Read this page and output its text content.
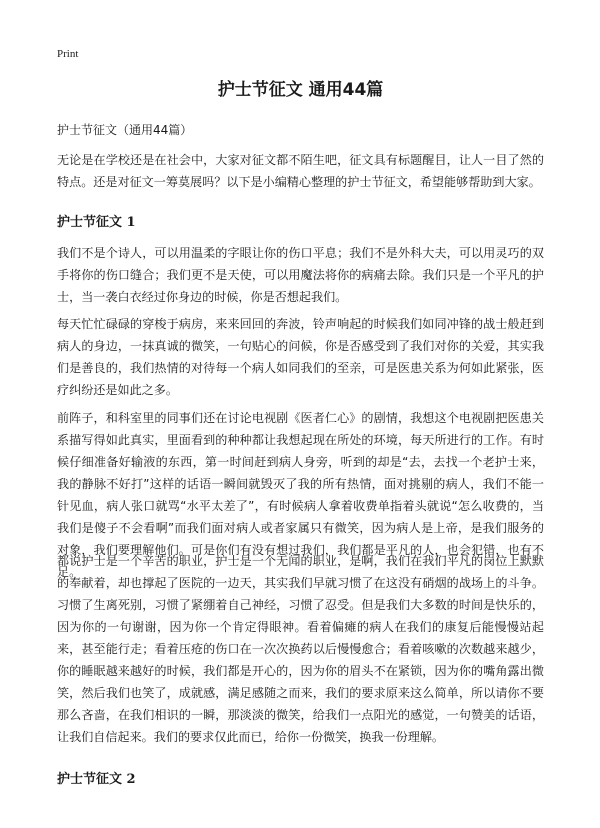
Print
护士节征文 通用44篇

护士节征文（通用44篇）

无论是在学校还是在社会中，大家对征文都不陌生吧，征文具有标题醒目，让人一目了然的特点。还是对征文一筹莫展吗？以下是小编精心整理的护士节征文，希望能够帮助到大家。

护士节征文 1

我们不是个诗人，可以用温柔的字眼让你的伤口平息；我们不是外科大夫，可以用灵巧的双手将你的伤口缝合；我们更不是天使，可以用魔法将你的病痛去除。我们只是一个平凡的护士，当一袭白衣经过你身边的时候，你是否想起我们。

每天忙忙碌碌的穿梭于病房，来来回回的奔波，铃声响起的时候我们如同冲锋的战士般赶到病人的身边，一抹真诚的微笑，一句贴心的问候，你是否感受到了我们对你的关爱，其实我们是善良的，我们热情的对待每一个病人如同我们的至亲，可是医患关系为何如此紧张，医疗纠纷还是如此之多。

前阵子，和科室里的同事们还在讨论电视剧《医者仁心》的剧情，我想这个电视剧把医患关系描写得如此真实，里面看到的种种都让我想起现在所处的环境，每天所进行的工作。有时候仔细准备好输液的东西，第一时间赶到病人身旁，听到的却是“去，去找一个老护士来，我的静脉不好打”这样的话语一瞬间就毁灭了我的所有热情，面对挑剔的病人，我们不能一针见血，病人张口就骂“水平太差了”，有时候病人拿着收费单指着头就说“怎么收费的，当我们是傻子不会看啊”而我们面对病人或者家属只有微笑，因为病人是上帝，是我们服务的对象，我们要理解他们。可是你们有没有想过我们，我们都是平凡的人，也会犯错，也有不足。

都说护士是一个辛苦的职业，护士是一个无闻的职业，是啊，我们在我们平凡的岗位上默默的奉献着，却也撑起了医院的一边天，其实我们早就习惯了在这没有硝烟的战场上的斗争。习惯了生离死别，习惯了紧绷着自己神经，习惯了忍受。但是我们大多数的时间是快乐的，因为你的一句谢谢，因为你一个肯定得眼神。看着偏瘫的病人在我们的康复后能慢慢站起来，甚至能行走；看着压疮的伤口在一次次换药以后慢慢愈合；看着咳嗽的次数越来越少，你的睡眠越来越好的时候，我们都是开心的，因为你的眉头不在紧锁，因为你的嘴角露出微笑，然后我们也笑了，成就感，满足感随之而来，我们的要求原来这么简单，所以请你不要那么吝啬，在我们相识的一瞬，那淡淡的微笑，给我们一点阳光的感觉，一句赞美的话语，让我们自信起来。我们的要求仅此而已，给你一份微笑，换我一份理解。

护士节征文 2
